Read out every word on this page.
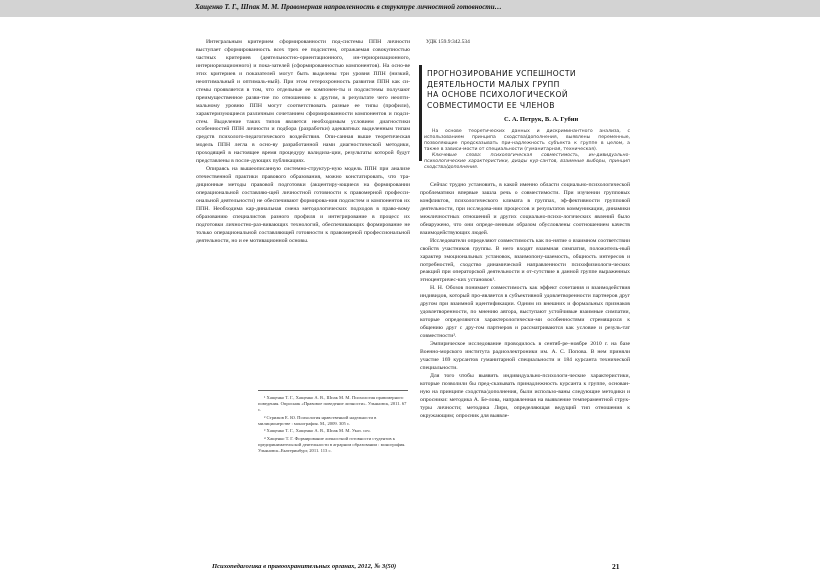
Хащенко Т. Г., Шпак М. М. Правомерная направленность в структуре личностной готовности…

Интегральным критерием сформированности под-системы ППН личности выступает сформированность всех трех ее подсистем, отражаемая совокупностью частных критериев (деятельностно-ориентационного, ин-териоризационного, интериоризационного) и пока-зателей (сформированностью компонентов). На осно-ве этих критериев и показателей могут быть выделены три уровня ППН (низкий, неоптимальный и оптималь-ный). При этом гетерохронность развития ППН как си-стемы проявляется в том, что отдельные ее компонен-ты и подсистемы получают преимущественное разви-тие по отношению к другим, в результате чего неопти-мальному уровню ППН могут соответствовать разные ее типы (профили), характеризующиеся различным сочетанием сформированности компонентов и подси-стем. Выделение таких типов является необходимым условием диагностики особенностей ППН личности и подбора (разработки) адекватных выделенным типам средств психолого-педагогического воздействия. Опи-санная выше теоретическая модель ППН легла в осно-ву разработанной нами диагностической методики, проходящей в настоящее время процедуру валидиза-ции, результаты которой будут представлены в после-дующих публикациях.

Опираясь на вышеописанную системно-структур-ную модель ППН при анализе отечественной практики правового образования, можно констатировать, что тра-диционные методы правовой подготовки (акцентиру-ющиеся на формировании операциональной составляю-щей личностной готовности к правомерной професси-ональной деятельности) не обеспечивают формирова-ния подсистем и компонентов их ППН. Необходима кар-динальная смена методологических подходов в право-вому образованию специалистов разного профиля и интегрирование в процесс их подготовки личностно-раз-вивающих технологий, обеспечивающих формирование не только операциональной составляющей готовности к правомерной профессиональной деятельности, но и ее мотивационной основы.

¹ Хащенко Т. Г., Хащенко А. В., Шпак М. М. Психология правомерного поведения. Опросник «Правовое поведение личности». Ульяновск, 2011. 67 с.

² Стрижов Е. Ю. Психология нравственной надежности в милиционерстве : монография. М., 2009. 305 с.

³ Хащенко Т. Г., Хащенко А. В., Шпак М. М. Указ. соч.

⁴ Хащенко Т. Г. Формирование личностной готовности студентов к предпринимательской деятельности в аграрном образовании : монография. Ульяновск–Екатеринбург, 2011. 113 с.

УДК 159.9:342.534
ПРОГНОЗИРОВАНИЕ УСПЕШНОСТИ
ДЕЯТЕЛЬНОСТИ МАЛЫХ ГРУПП
НА ОСНОВЕ ПСИХОЛОГИЧЕСКОЙ
СОВМЕСТИМОСТИ ЕЕ ЧЛЕНОВ
С. А. Петрук, В. А. Губин

На основе теоретических данных и дискриминантного анализа, с использованием принципа сходства/дополнения, выявлены переменные, позволяющие предсказывать при-надлежность субъекта к группе в целом, а также в зависи-мости от специальности (гуманитарная, техническая).

Ключевые слова: психологическая совместимость, ин-дивидуально-психологические характеристики, диады кур-сантов, взаимные выборы, принцип сходства/дополнения.

Сейчас трудно установить, в какой именно области социально-психологической проблематики впервые зашла речь о совместимости. При изучении групповых конфликтов, психологического климата в группах, эф-фективности групповой деятельности, при исследова-нии процессов и результатов коммуникации, динамики межличностных отношений и других социально-психо-логических явлений было обнаружено, что они опреде-ленным образом обусловлены соотношением качеств взаимодействующих людей.

Исследователи определяют совместимость как по-нятие о взаимном соответствии свойств участников группы. В него входят взаимная симпатия, положитель-ный характер эмоциональных установок, взаимопону-шаемость, общность интересов и потребностей, сходство динамической направленности психофизиологи-ческих реакций при операторской деятельности и от-сутствие в данной группе выраженных этноцентричес-ких установок¹.

Н. Н. Обозов понимает совместимость как эффект сочетания и взаимодействия индивидов, который про-является в субъективной удовлетворенности партнеров друг другом при взаимной идентификации. Одним из внешних и формальных признаков удовлетворенности, по мнению автора, выступают устойчивые взаимные симпатии, которые определяются характерологически-ми особенностями стремящихся к общению друг с дру-гом партнеров и рассматриваются как условие и резуль-тат совместности².

Эмпирическое исследование проводилось в сентяб-ре–ноябре 2010 г. на базе Военно-морского института радиоэлектроники им. А. С. Попова. В нем приняли участие 169 курсантов гуманитарной специальности и 184 курсанта технической специальности.

Для того чтобы выявить индивидуально-психологи-ческие характеристики, которые позволили бы пред-сказывать принадлежность курсанта к группе, основан-ную на принципе сходства/дополнения, были использо-ваны следующие методики и опросники: методика А. Бе-лова, направленная на выявление темпераментной струк-туры личности; методика Лири, определяющая ведущий тип отношения к окружающим; опросник для выявле-

Психопедагогика в правоохранительных органах, 2012, № 3(50)	21
